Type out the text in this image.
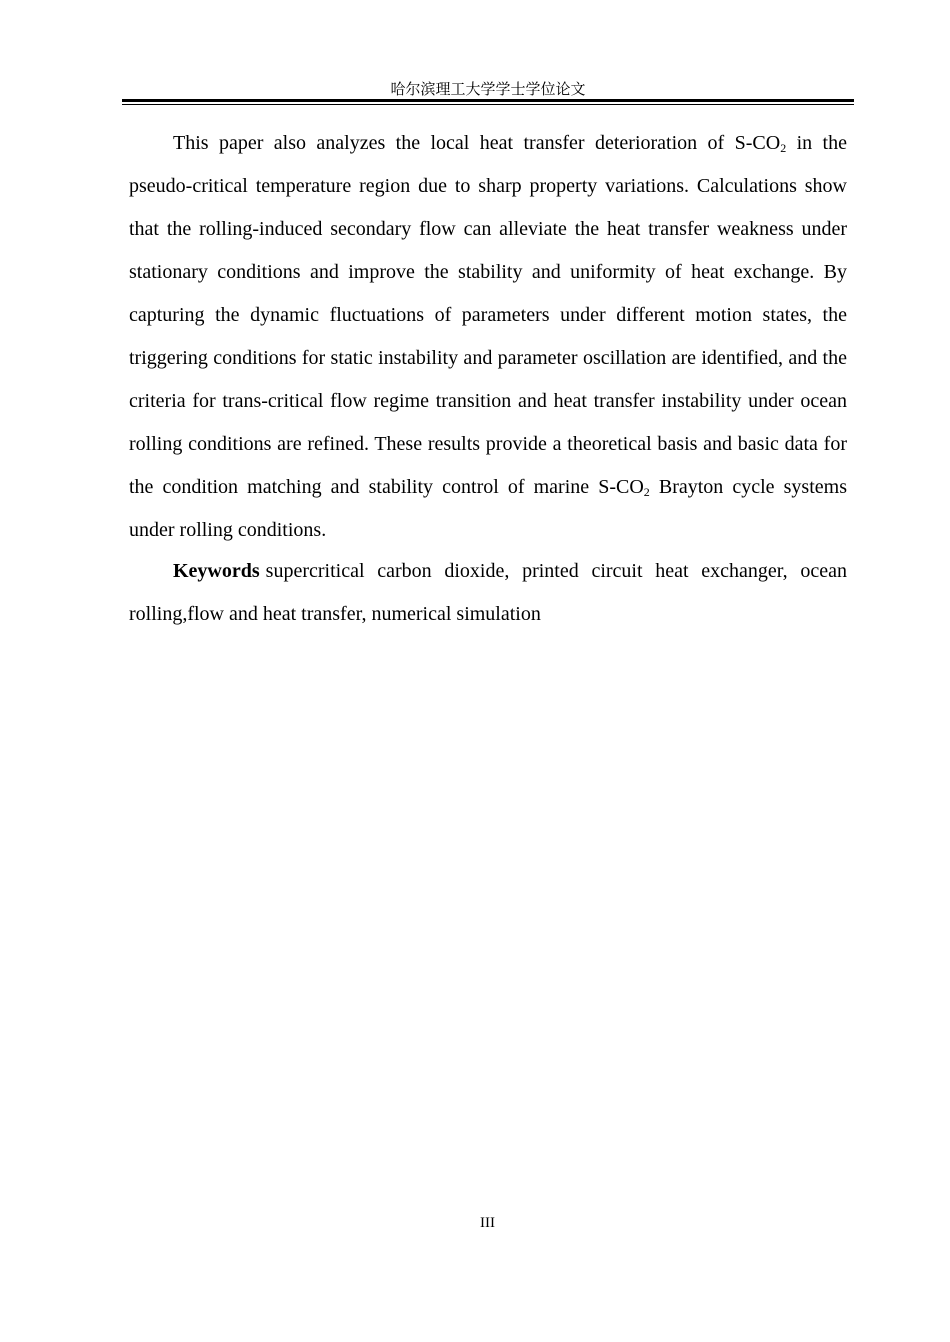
哈尔滨理工大学学士学位论文

This paper also analyzes the local heat transfer deterioration of $S-CO_2$ in the pseudo-critical temperature region due to sharp property variations. Calculations show that the rolling-induced secondary flow can alleviate the heat transfer weakness under stationary conditions and improve the stability and uniformity of heat exchange. By capturing the dynamic fluctuations of parameters under different motion states, the triggering conditions for static instability and parameter oscillation are identified, and the criteria for trans-critical flow regime transition and heat transfer instability under ocean rolling conditions are refined. These results provide a theoretical basis and basic data for the condition matching and stability control of marine $S-CO_2$ Brayton cycle systems under rolling conditions.

Keywords supercritical carbon dioxide, printed circuit heat exchanger, ocean rolling,flow and heat transfer, numerical simulation

III
